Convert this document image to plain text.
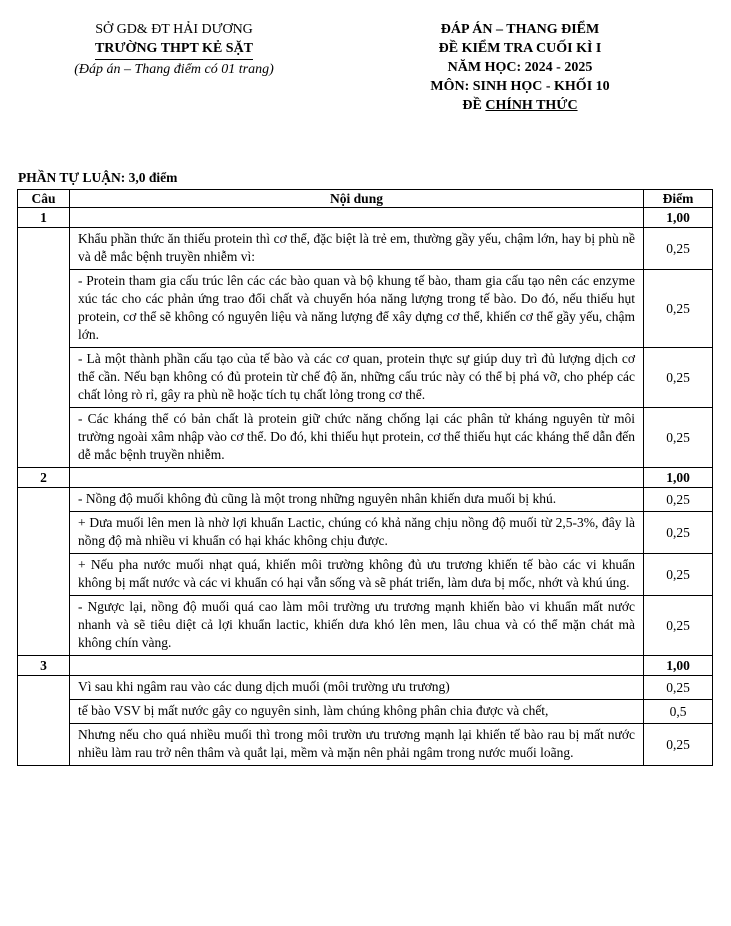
SỞ GD& ĐT HẢI DƯƠNG
TRƯỜNG THPT KẺ SẶT
(Đáp án – Thang điểm có 01 trang)
ĐÁP ÁN – THANG ĐIỂM
ĐỀ KIỂM TRA CUỐI KÌ I
NĂM HỌC: 2024 - 2025
MÔN: SINH HỌC - KHỐI 10
ĐỀ CHÍNH THỨC
PHẦN TỰ LUẬN: 3,0 điểm
Câu	Nội dung	Điểm
1		1,00
	Khẩu phần thức ăn thiếu protein thì cơ thể, đặc biệt là trẻ em, thường gầy yếu, chậm lớn, hay bị phù nề và dễ mắc bệnh truyền nhiễm vì:	0,25
	- Protein tham gia cấu trúc lên các các bào quan và bộ khung tế bào, tham gia cấu tạo nên các enzyme xúc tác cho các phản ứng trao đổi chất và chuyển hóa năng lượng trong tế bào. Do đó, nếu thiếu hụt protein, cơ thể sẽ không có nguyên liệu và năng lượng để xây dựng cơ thể, khiến cơ thể gầy yếu, chậm lớn.	0,25
	- Là một thành phần cấu tạo của tế bào và các cơ quan, protein thực sự giúp duy trì đủ lượng dịch cơ thể cần. Nếu bạn không có đủ protein từ chế độ ăn, những cấu trúc này có thể bị phá vỡ, cho phép các chất lỏng rò rỉ, gây ra phù nề hoặc tích tụ chất lỏng trong cơ thể.	0,25
	- Các kháng thể có bản chất là protein giữ chức năng chống lại các phân tử kháng nguyên từ môi trường ngoài xâm nhập vào cơ thể. Do đó, khi thiếu hụt protein, cơ thể thiếu hụt các kháng thể dẫn đến dễ mắc bệnh truyền nhiễm.	0,25
2		1,00
	- Nồng độ muối không đủ cũng là một trong những nguyên nhân khiến dưa muối bị khú.	0,25
	+ Dưa muối lên men là nhờ lợi khuẩn Lactic, chúng có khả năng chịu nồng độ muối từ 2,5-3%, đây là nồng độ mà nhiều vi khuẩn có hại khác không chịu được.	0,25
	+ Nếu pha nước muối nhạt quá, khiến môi trường không đủ ưu trương khiến tế bào các vi khuẩn không bị mất nước và các vi khuẩn có hại vẫn sống và sẽ phát triển, làm dưa bị mốc, nhớt và khú úng.	0,25
	- Ngược lại, nồng độ muối quá cao làm môi trường ưu trương mạnh khiến bào vi khuẩn mất nước nhanh và sẽ tiêu diệt cả lợi khuẩn lactic, khiến dưa khó lên men, lâu chua và có thể mặn chát mà không chín vàng.	0,25
3		1,00
	Vì sau khi ngâm rau vào các dung dịch muối (môi trường ưu trương)	0,25
	tế bào VSV bị mất nước gây co nguyên sinh, làm chúng không phân chia được và chết,	0,5
	Nhưng nếu cho quá nhiều muối thì trong môi trườn ưu trương mạnh lại khiến tế bào rau bị mất nước nhiều làm rau trở nên thâm và quắt lại, mềm và mặn nên phải ngâm trong nước muối loãng.	0,25
